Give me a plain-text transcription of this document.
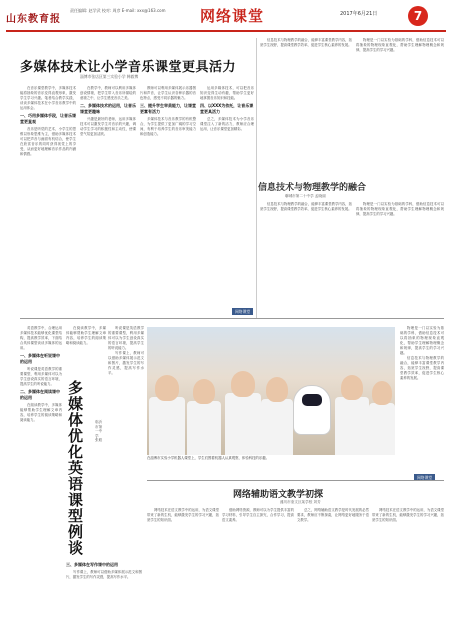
山东教育报
责任编辑: 赵学武 校对: 周彦 E-mail: xxx@163.com 网络课堂	2017年6月21日	7
多媒体技术让小学音乐课堂更具活力
淄博市张店区第三实验小学 韩毅博

在音乐课堂教学中，多媒体技术能将抽象的音乐变得直观形象，激发学生学习兴趣。笔者结合教学实践，谈谈多媒体技术在小学音乐教学中的运用体会。

一、巧用多媒体手段，让音乐课堂更直观

音乐是听觉的艺术，小学生的思维以形象思维为主，借助多媒体技术可以把声音与画面有机结合，使学生在欣赏音乐的同时获得视觉上的享受，从而更好地理解音乐作品的内涵和情感。

在教学中，教师可以利用多媒体创设情境，把学生带入音乐所描绘的意境之中，让学生感受音乐之美。

二、多媒体技术的运用，让音乐课堂更趣味

兴趣是最好的老师，运用多媒体技术可以激发学生对音乐的兴趣，调动学生学习的积极性和主动性，使课堂气氛更加活跃。

教师可以利用多媒体展示乐器图片和声音，让学生认识各种乐器的音色特点，感受不同乐器的魅力。

三、提升学生审美能力，让课堂更富有活力

多媒体技术与音乐教学的有机整合，为学生提供了更加广阔的学习空间，有利于培养学生的音乐审美能力和创造能力。

运用多媒体技术，可以把音乐知识变得生动有趣，帮助学生更好地掌握音乐知识和技能。

四、以XXX为依托，让音乐课堂更具活力

总之，多媒体技术为小学音乐课堂注入了新的活力，教师应合理运用，让音乐课堂更加精彩。

网络课堂

信息技术与物理教学的融合，能够丰富课堂教学内容，拓宽学生视野，提高课堂教学效率，促进学生核心素养的发展。

物理是一门以实验为基础的学科，借助信息技术可以将抽象的物理现象直观化，帮助学生理解物理概念和规律，提高学生的学习兴趣。

信息技术与物理教学的融合
聊城市第二十中学 孟晓丽

信息技术与物理教学的融合，能够丰富课堂教学内容，拓宽学生视野，提高课堂教学效率，促进学生核心素养的发展。

物理是一门以实验为基础的学科，借助信息技术可以将抽象的物理现象直观化，帮助学生理解物理概念和规律，提高学生的学习兴趣。

英语教学中，合理运用多媒体技术能够优化课堂结构，提高教学效率，下面结合具体课型谈谈多媒体的运用。

一、多媒体在听说课中的运用

听说课是英语教学的重要课型，利用多媒体可以为学生创设真实的语言环境，提高学生的听说能力。

二、多媒体在阅读课中的运用

在阅读教学中，多媒体能够帮助学生理解文章内容，培养学生的阅读策略和阅读能力。

在阅读教学中，多媒体能够帮助学生理解文章内容，培养学生的阅读策略和阅读能力。

多媒体优化英语课型例谈
临沂市第一中学 张聪

三、多媒体在写作课中的运用

写作课上，教师可以借助多媒体展示范文和图片，激发学生的写作灵感，提高写作水平。

听说课是英语教学的重要课型，利用多媒体可以为学生创设真实的语言环境，提高学生的听说能力。

写作课上，教师可以借助多媒体展示范文和图片，激发学生的写作灵感，提高写作水平。

在淄博市实验小学机器人课堂上，学生们围着机器人认真观察，体验科技的乐趣。

物理是一门以实验为基础的学科，借助信息技术可以将抽象的物理现象直观化，帮助学生理解物理概念和规律，提高学生的学习兴趣。

信息技术与物理教学的融合，能够丰富课堂教学内容，拓宽学生视野，提高课堂教学效率，促进学生核心素养的发展。

网络课堂
网络辅助语文教学初探
潍坊市奎文区某学校 刘芳

网络技术在语文教学中的运用，为语文课堂带来了新的生机，能够激发学生的学习兴趣，拓宽学生的知识面。

借助网络资源，教师可以为学生提供丰富的学习材料，引导学生自主探究，合作学习，提高语文素养。

总之，网络辅助语文教学是时代发展的必然要求，教师应不断探索，让网络更好地服务于语文教学。

网络技术在语文教学中的运用，为语文课堂带来了新的生机，能够激发学生的学习兴趣，拓宽学生的知识面。
